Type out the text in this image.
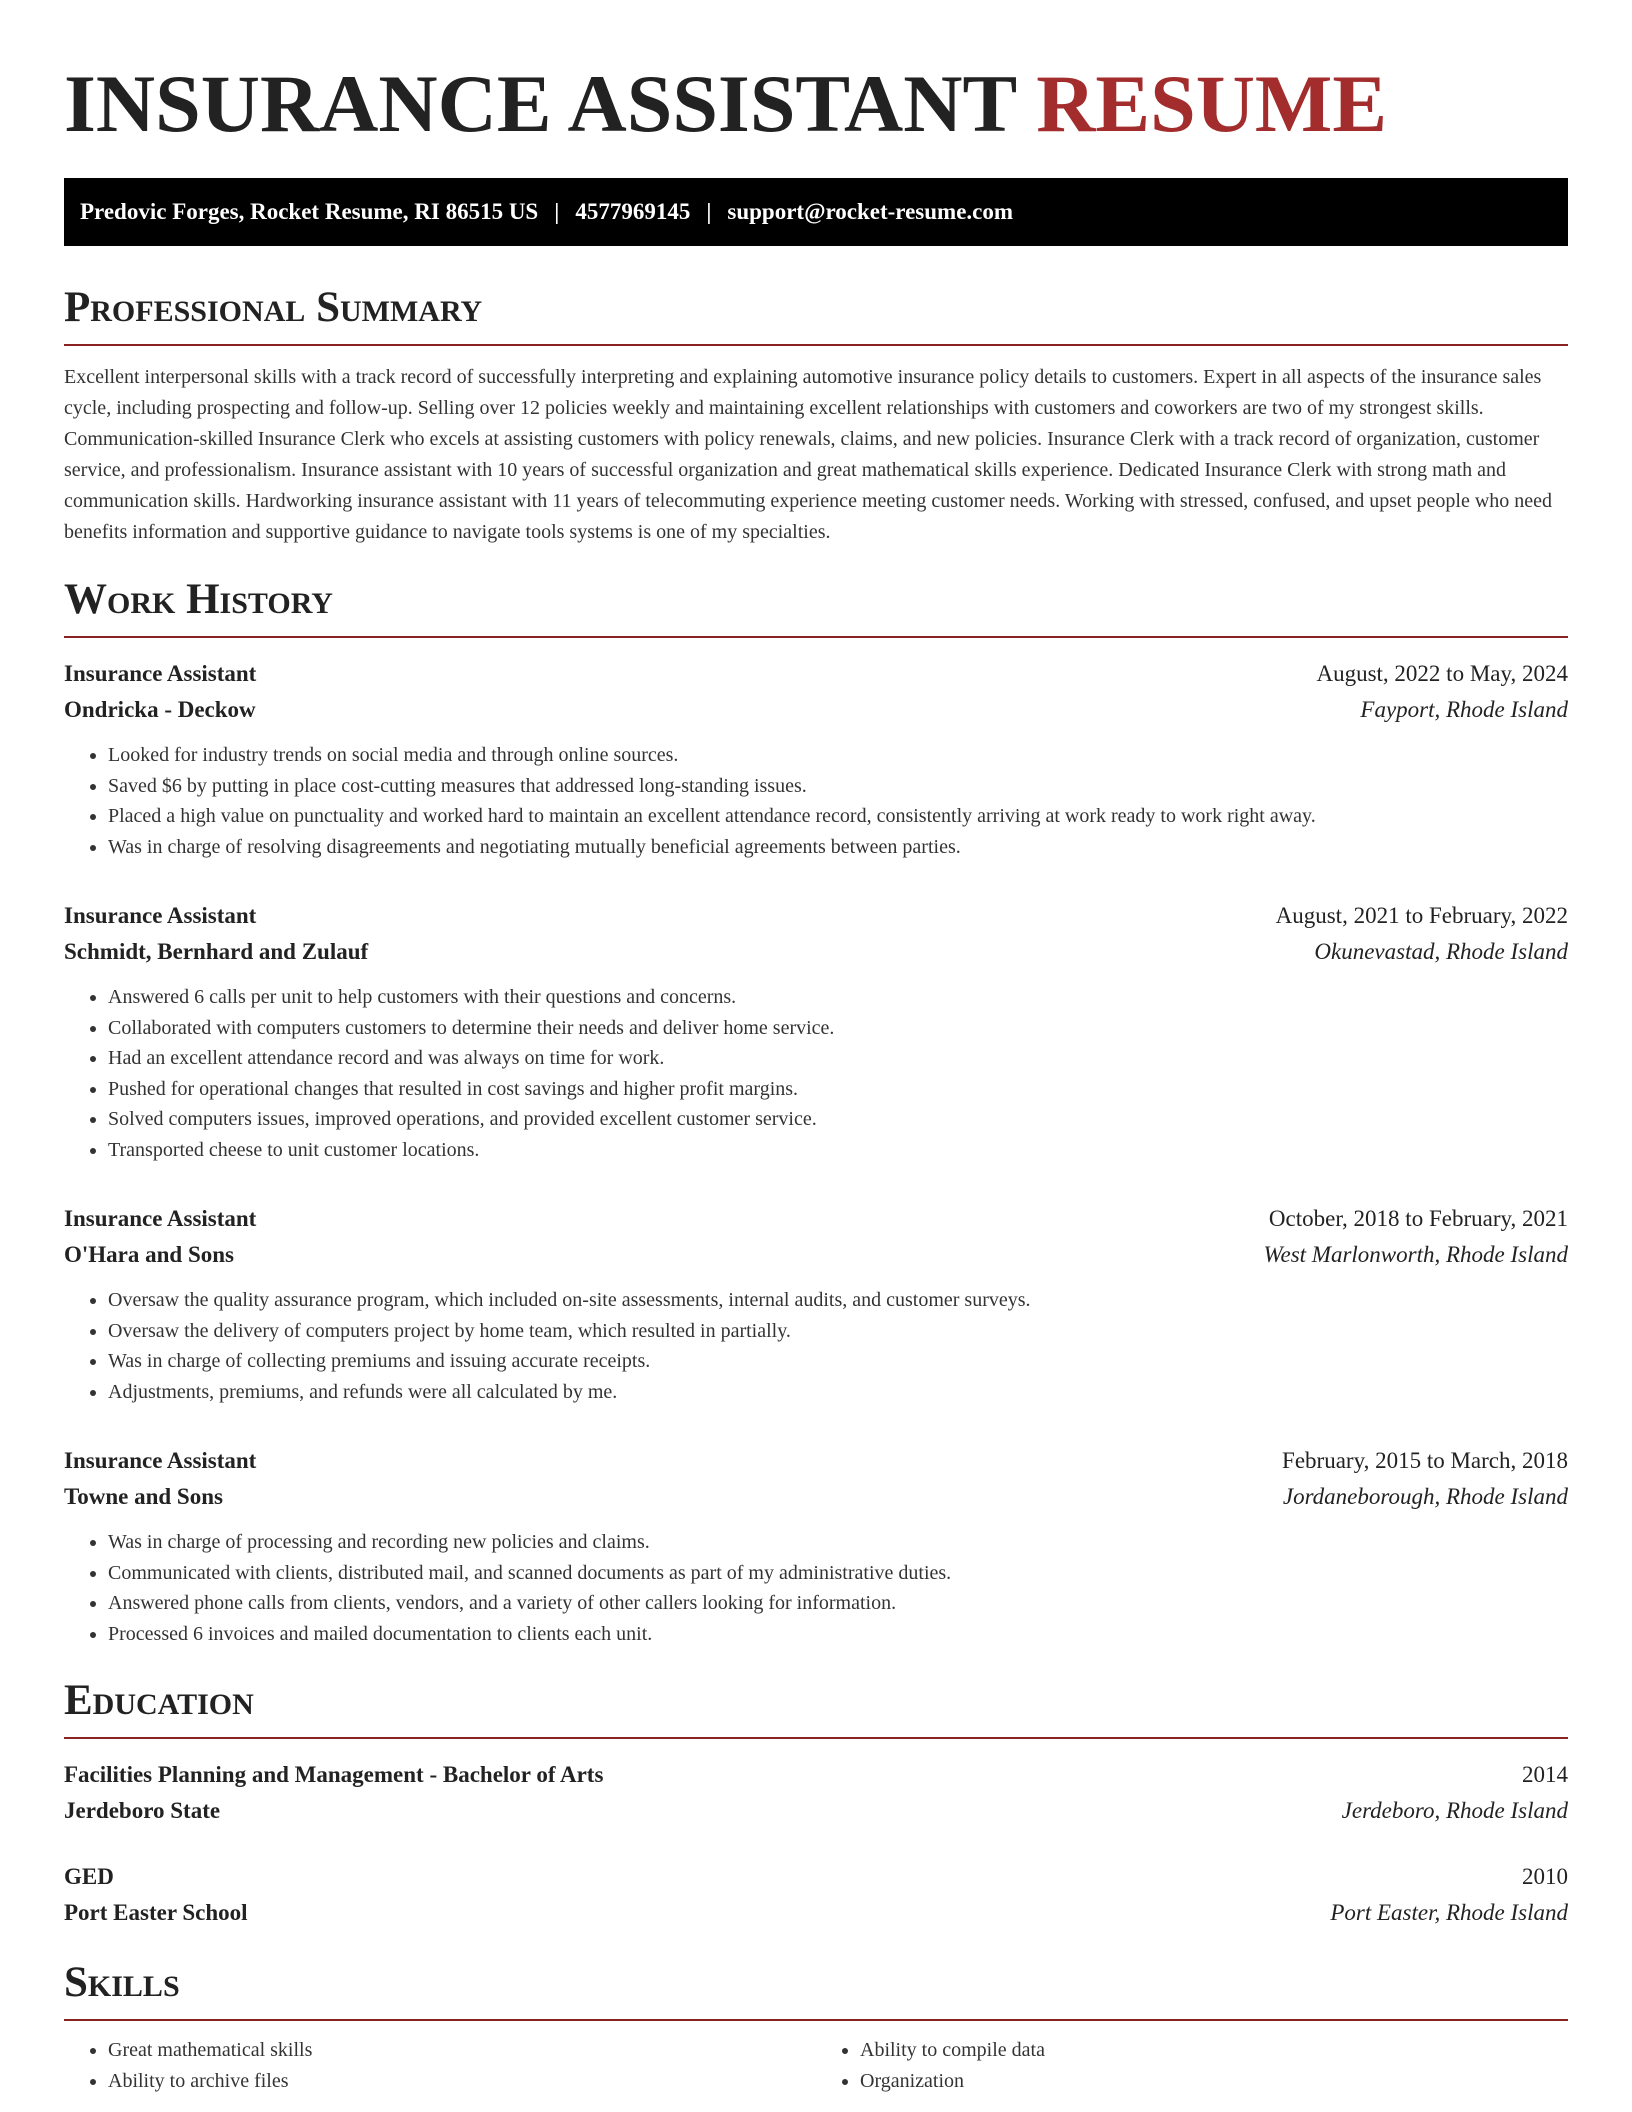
INSURANCE ASSISTANT RESUME
Predovic Forges, Rocket Resume, RI 86515 US | 4577969145 | support@rocket-resume.com
Professional Summary

Excellent interpersonal skills with a track record of successfully interpreting and explaining automotive insurance policy details to customers. Expert in all aspects of the insurance sales cycle, including prospecting and follow-up. Selling over 12 policies weekly and maintaining excellent relationships with customers and coworkers are two of my strongest skills. Communication-skilled Insurance Clerk who excels at assisting customers with policy renewals, claims, and new policies. Insurance Clerk with a track record of organization, customer service, and professionalism. Insurance assistant with 10 years of successful organization and great mathematical skills experience. Dedicated Insurance Clerk with strong math and communication skills. Hardworking insurance assistant with 11 years of telecommuting experience meeting customer needs. Working with stressed, confused, and upset people who need benefits information and supportive guidance to navigate tools systems is one of my specialties.

Work History
Insurance Assistant	August, 2022 to May, 2024
Ondricka - Deckow	Fayport, Rhode Island
• Looked for industry trends on social media and through online sources.
• Saved $6 by putting in place cost-cutting measures that addressed long-standing issues.
• Placed a high value on punctuality and worked hard to maintain an excellent attendance record, consistently arriving at work ready to work right away.
• Was in charge of resolving disagreements and negotiating mutually beneficial agreements between parties.
Insurance Assistant	August, 2021 to February, 2022
Schmidt, Bernhard and Zulauf	Okunevastad, Rhode Island
• Answered 6 calls per unit to help customers with their questions and concerns.
• Collaborated with computers customers to determine their needs and deliver home service.
• Had an excellent attendance record and was always on time for work.
• Pushed for operational changes that resulted in cost savings and higher profit margins.
• Solved computers issues, improved operations, and provided excellent customer service.
• Transported cheese to unit customer locations.
Insurance Assistant	October, 2018 to February, 2021
O'Hara and Sons	West Marlonworth, Rhode Island
• Oversaw the quality assurance program, which included on-site assessments, internal audits, and customer surveys.
• Oversaw the delivery of computers project by home team, which resulted in partially.
• Was in charge of collecting premiums and issuing accurate receipts.
• Adjustments, premiums, and refunds were all calculated by me.
Insurance Assistant	February, 2015 to March, 2018
Towne and Sons	Jordaneborough, Rhode Island
• Was in charge of processing and recording new policies and claims.
• Communicated with clients, distributed mail, and scanned documents as part of my administrative duties.
• Answered phone calls from clients, vendors, and a variety of other callers looking for information.
• Processed 6 invoices and mailed documentation to clients each unit.
Education
Facilities Planning and Management - Bachelor of Arts	2014
Jerdeboro State	Jerdeboro, Rhode Island
GED	2010
Port Easter School	Port Easter, Rhode Island
Skills
• Great mathematical skills
• Ability to archive files
• Ability to compile data
• Organization
